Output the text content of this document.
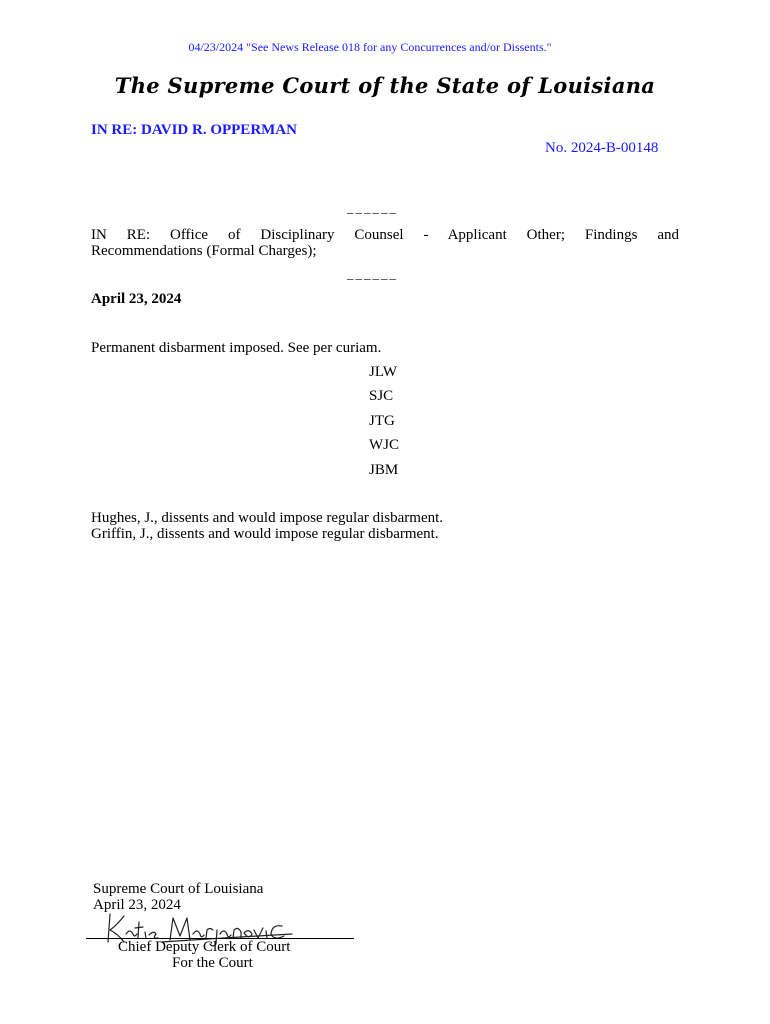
04/23/2024 "See News Release 018 for any Concurrences and/or Dissents."
The Supreme Court of the State of Louisiana
IN RE: DAVID R. OPPERMAN
No. 2024-B-00148
______
IN RE: Office of Disciplinary Counsel - Applicant Other; Findings and
Recommendations (Formal Charges);
______
April 23, 2024
Permanent disbarment imposed. See per curiam.
JLW
SJC
JTG
WJC
JBM
Hughes, J., dissents and would impose regular disbarment.
Griffin, J., dissents and would impose regular disbarment.
Supreme Court of Louisiana
April 23, 2024
Chief Deputy Clerk of Court
For the Court
